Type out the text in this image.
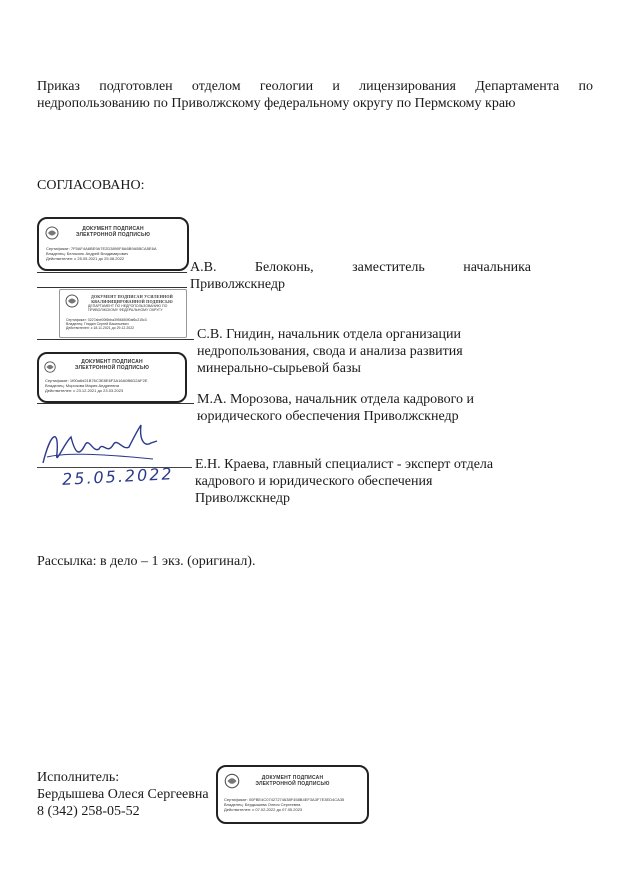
Приказ подготовлен отделом геологии и лицензирования Департамента по недропользованию по Приволжскому федеральному округу по Пермскому краю
СОГЛАСОВАНО:
ДОКУМЕНТ ПОДПИСАН
ЭЛЕКТРОННОЙ ПОДПИСЬЮ
Сертификат: 7F5AF4A6BE9A7E2D3890F8A6B9A5BCA5E6A
Владелец: Белоконь Андрей Владимирович
Действителен: с 25.05.2021 до 25.08.2022
А.В.	Белоконь,	заместитель	начальника
Приволжскнедр
ДОКУМЕНТ ПОДПИСАН УСИЛЕННОЙ
КВАЛИФИЦИРОВАННОЙ ПОДПИСЬЮ
ДЕПАРТАМЕНТ ПО НЕДРОПОЛЬЗОВАНИЮ ПО
ПРИВОЛЖСКОМУ ФЕДЕРАЛЬНОМУ ОКРУГУ
Сертификат: 0227abe00f6bba3956650f0af6c215c3
Владелец: Гнидин Сергей Васильевич
Действителен: с 18.11.2021 до 29.12.2022	С.В. Гнидин, начальник отдела организации
недропользования, свода и анализа развития
минерально-сырьевой базы
ДОКУМЕНТ ПОДПИСАН
ЭЛЕКТРОННОЙ ПОДПИСЬЮ
Сертификат: 1f00a6d21B76C3E8E6F3A16A0B6D2AF2E
Владелец: Морозова Мария Андреевна
Действителен: с 23.12.2021 до 23.03.2023
М.А. Морозова, начальник отдела кадрового и
юридического обеспечения Приволжскнедр
25.05.2022 Е.Н. Краева, главный специалист - эксперт отдела
кадрового и юридического обеспечения
Приволжскнедр
Рассылка: в дело – 1 экз. (оригинал).
Исполнитель:
Бердышева Олеся Сергеевна
8 (342) 258-05-52
ДОКУМЕНТ ПОДПИСАН
ЭЛЕКТРОННОЙ ПОДПИСЬЮ
Сертификат: 00FBE4C07427274638F458B4EF3A3F7E3ED4CA35
Владелец: Бердышева Олеся Сергеевна
Действителен: с 07.02.2022 до 07.05.2023
